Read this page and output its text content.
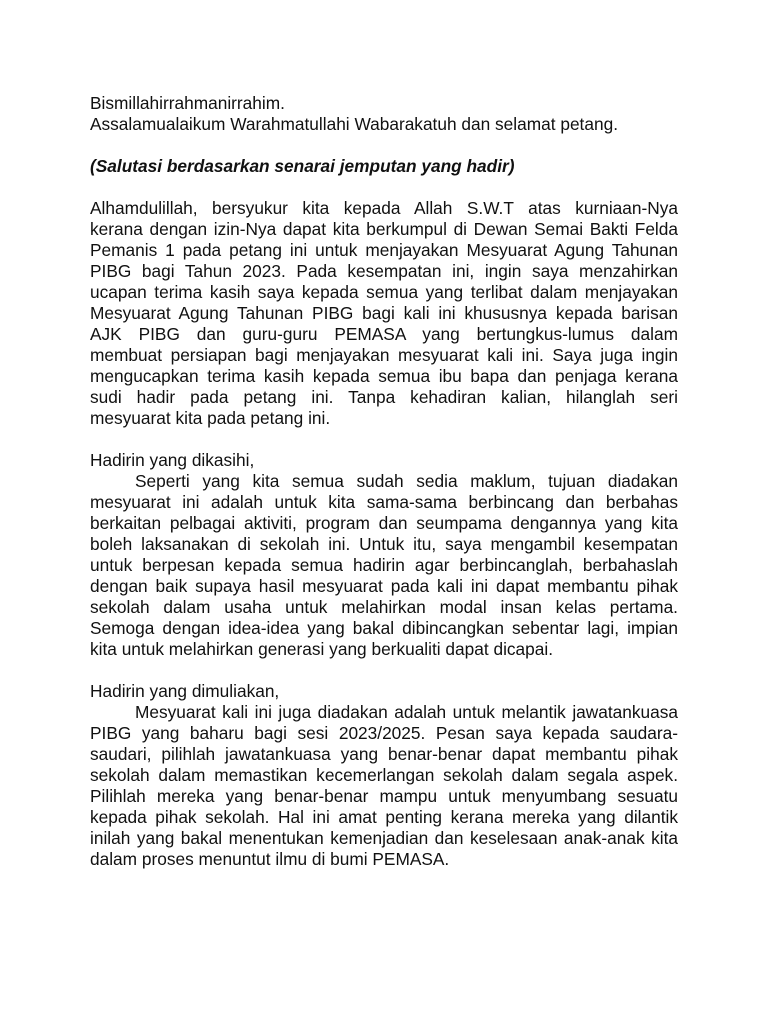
Bismillahirrahmanirrahim.
Assalamualaikum Warahmatullahi Wabarakatuh dan selamat petang.
(Salutasi berdasarkan senarai jemputan yang hadir)
Alhamdulillah, bersyukur kita kepada Allah S.W.T atas kurniaan-Nya
kerana dengan izin-Nya dapat kita berkumpul di Dewan Semai Bakti Felda
Pemanis 1 pada petang ini untuk menjayakan Mesyuarat Agung Tahunan
PIBG bagi Tahun 2023. Pada kesempatan ini, ingin saya menzahirkan
ucapan terima kasih saya kepada semua yang terlibat dalam menjayakan
Mesyuarat Agung Tahunan PIBG bagi kali ini khususnya kepada barisan
AJK PIBG dan guru-guru PEMASA yang bertungkus-lumus dalam
membuat persiapan bagi menjayakan mesyuarat kali ini. Saya juga ingin
mengucapkan terima kasih kepada semua ibu bapa dan penjaga kerana
sudi hadir pada petang ini. Tanpa kehadiran kalian, hilanglah seri
mesyuarat kita pada petang ini.
Hadirin yang dikasihi,
Seperti yang kita semua sudah sedia maklum, tujuan diadakan
mesyuarat ini adalah untuk kita sama-sama berbincang dan berbahas
berkaitan pelbagai aktiviti, program dan seumpama dengannya yang kita
boleh laksanakan di sekolah ini. Untuk itu, saya mengambil kesempatan
untuk berpesan kepada semua hadirin agar berbincanglah, berbahaslah
dengan baik supaya hasil mesyuarat pada kali ini dapat membantu pihak
sekolah dalam usaha untuk melahirkan modal insan kelas pertama.
Semoga dengan idea-idea yang bakal dibincangkan sebentar lagi, impian
kita untuk melahirkan generasi yang berkualiti dapat dicapai.
Hadirin yang dimuliakan,
Mesyuarat kali ini juga diadakan adalah untuk melantik jawatankuasa
PIBG yang baharu bagi sesi 2023/2025. Pesan saya kepada saudara-
saudari, pilihlah jawatankuasa yang benar-benar dapat membantu pihak
sekolah dalam memastikan kecemerlangan sekolah dalam segala aspek.
Pilihlah mereka yang benar-benar mampu untuk menyumbang sesuatu
kepada pihak sekolah. Hal ini amat penting kerana mereka yang dilantik
inilah yang bakal menentukan kemenjadian dan keselesaan anak-anak kita
dalam proses menuntut ilmu di bumi PEMASA.
